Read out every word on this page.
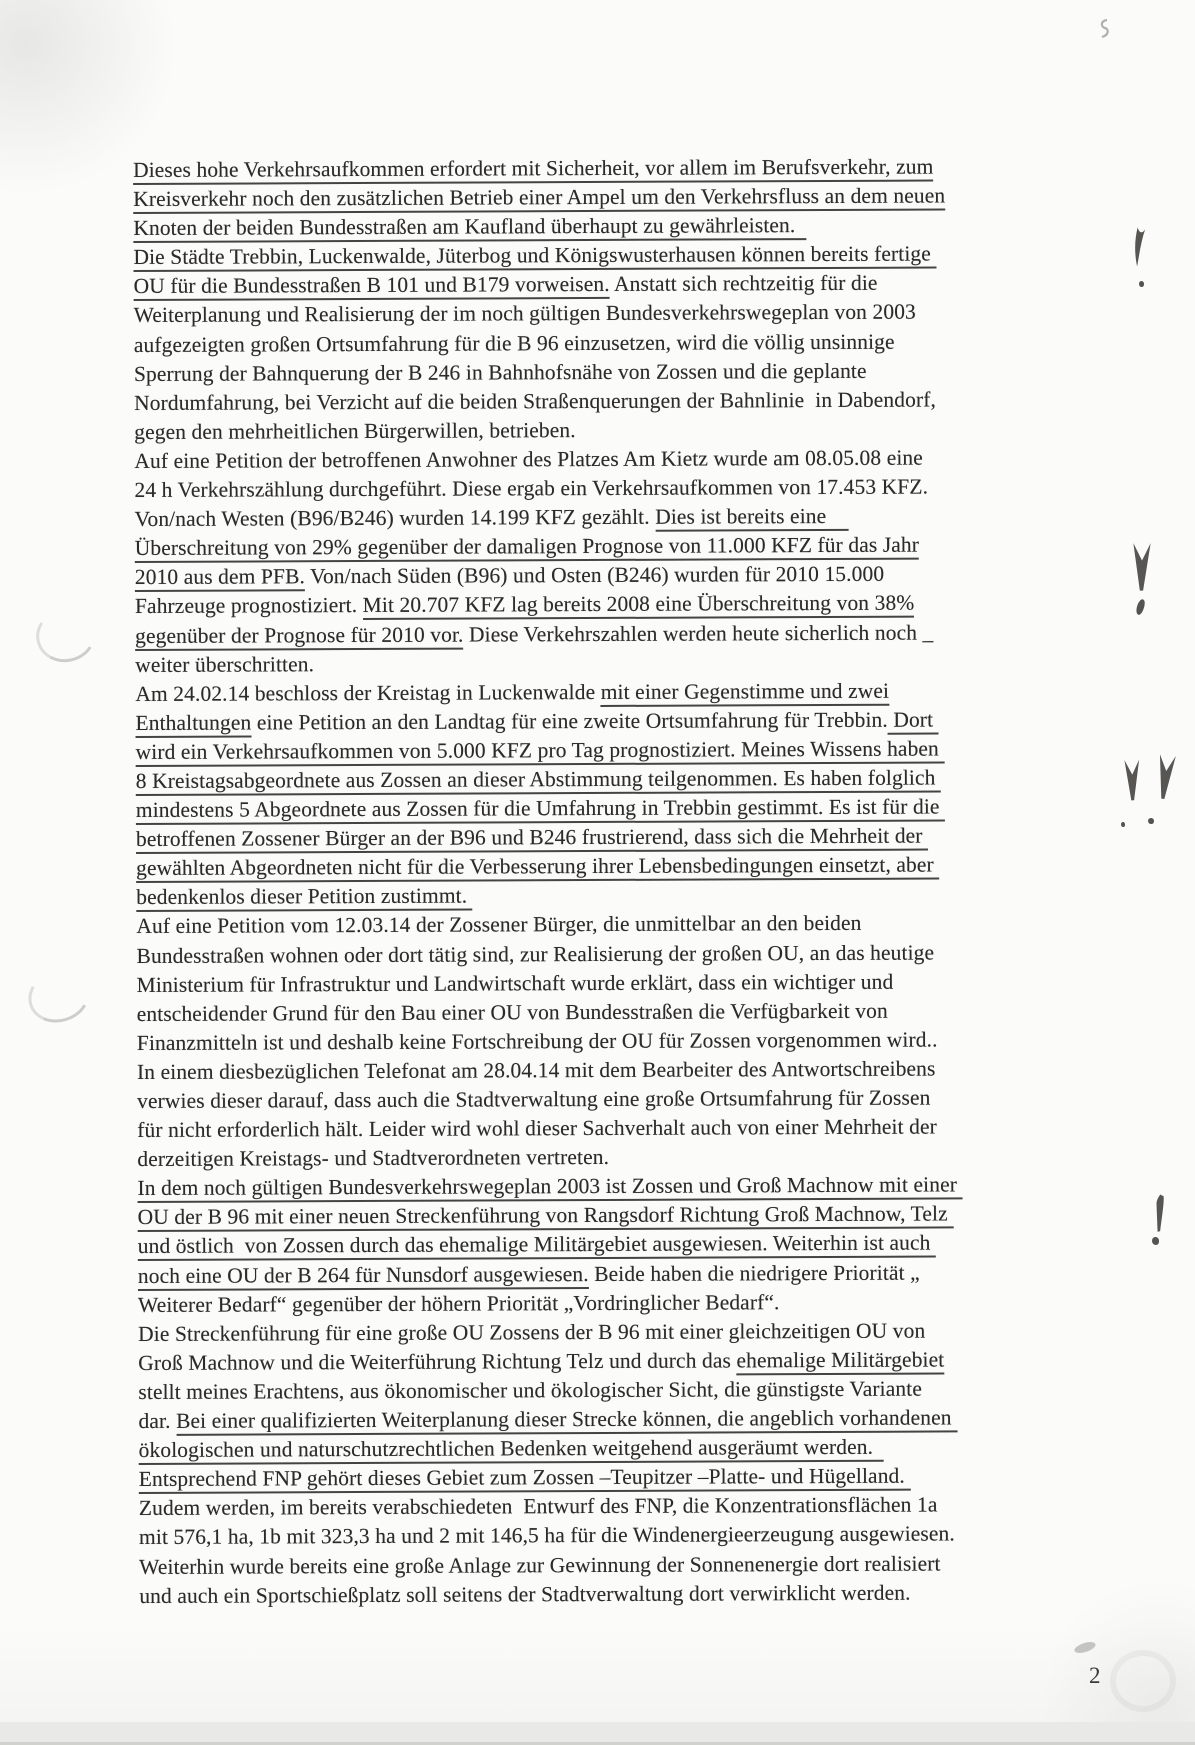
Dieses hohe Verkehrsaufkommen erfordert mit Sicherheit, vor allem im Berufsverkehr, zum
Kreisverkehr noch den zusätzlichen Betrieb einer Ampel um den Verkehrsfluss an dem neuen
Knoten der beiden Bundesstraßen am Kaufland überhaupt zu gewährleisten.
Die Städte Trebbin, Luckenwalde, Jüterbog und Königswusterhausen können bereits fertige
OU für die Bundesstraßen B 101 und B179 vorweisen. Anstatt sich rechtzeitig für die
Weiterplanung und Realisierung der im noch gültigen Bundesverkehrswegeplan von 2003
aufgezeigten großen Ortsumfahrung für die B 96 einzusetzen, wird die völlig unsinnige
Sperrung der Bahnquerung der B 246 in Bahnhofsnähe von Zossen und die geplante
Nordumfahrung, bei Verzicht auf die beiden Straßenquerungen der Bahnlinie  in Dabendorf,
gegen den mehrheitlichen Bürgerwillen, betrieben.
Auf eine Petition der betroffenen Anwohner des Platzes Am Kietz wurde am 08.05.08 eine
24 h Verkehrszählung durchgeführt. Diese ergab ein Verkehrsaufkommen von 17.453 KFZ.
Von/nach Westen (B96/B246) wurden 14.199 KFZ gezählt. Dies ist bereits eine
Überschreitung von 29% gegenüber der damaligen Prognose von 11.000 KFZ für das Jahr
2010 aus dem PFB. Von/nach Süden (B96) und Osten (B246) wurden für 2010 15.000
Fahrzeuge prognostiziert. Mit 20.707 KFZ lag bereits 2008 eine Überschreitung von 38%
gegenüber der Prognose für 2010 vor. Diese Verkehrszahlen werden heute sicherlich noch _
weiter überschritten.
Am 24.02.14 beschloss der Kreistag in Luckenwalde mit einer Gegenstimme und zwei
Enthaltungen eine Petition an den Landtag für eine zweite Ortsumfahrung für Trebbin. Dort
wird ein Verkehrsaufkommen von 5.000 KFZ pro Tag prognostiziert. Meines Wissens haben
8 Kreistagsabgeordnete aus Zossen an dieser Abstimmung teilgenommen. Es haben folglich
mindestens 5 Abgeordnete aus Zossen für die Umfahrung in Trebbin gestimmt. Es ist für die
betroffenen Zossener Bürger an der B96 und B246 frustrierend, dass sich die Mehrheit der
gewählten Abgeordneten nicht für die Verbesserung ihrer Lebensbedingungen einsetzt, aber
bedenkenlos dieser Petition zustimmt.
Auf eine Petition vom 12.03.14 der Zossener Bürger, die unmittelbar an den beiden
Bundesstraßen wohnen oder dort tätig sind, zur Realisierung der großen OU, an das heutige
Ministerium für Infrastruktur und Landwirtschaft wurde erklärt, dass ein wichtiger und
entscheidender Grund für den Bau einer OU von Bundesstraßen die Verfügbarkeit von
Finanzmitteln ist und deshalb keine Fortschreibung der OU für Zossen vorgenommen wird..
In einem diesbezüglichen Telefonat am 28.04.14 mit dem Bearbeiter des Antwortschreibens
verwies dieser darauf, dass auch die Stadtverwaltung eine große Ortsumfahrung für Zossen
für nicht erforderlich hält. Leider wird wohl dieser Sachverhalt auch von einer Mehrheit der
derzeitigen Kreistags- und Stadtverordneten vertreten.
In dem noch gültigen Bundesverkehrswegeplan 2003 ist Zossen und Groß Machnow mit einer
OU der B 96 mit einer neuen Streckenführung von Rangsdorf Richtung Groß Machnow, Telz
und östlich  von Zossen durch das ehemalige Militärgebiet ausgewiesen. Weiterhin ist auch
noch eine OU der B 264 für Nunsdorf ausgewiesen. Beide haben die niedrigere Priorität „
Weiterer Bedarf“ gegenüber der höhern Priorität „Vordringlicher Bedarf“.
Die Streckenführung für eine große OU Zossens der B 96 mit einer gleichzeitigen OU von
Groß Machnow und die Weiterführung Richtung Telz und durch das ehemalige Militärgebiet
stellt meines Erachtens, aus ökonomischer und ökologischer Sicht, die günstigste Variante
dar. Bei einer qualifizierten Weiterplanung dieser Strecke können, die angeblich vorhandenen
ökologischen und naturschutzrechtlichen Bedenken weitgehend ausgeräumt werden.
Entsprechend FNP gehört dieses Gebiet zum Zossen –Teupitzer –Platte- und Hügelland.
Zudem werden, im bereits verabschiedeten  Entwurf des FNP, die Konzentrationsflächen 1a
mit 576,1 ha, 1b mit 323,3 ha und 2 mit 146,5 ha für die Windenergieerzeugung ausgewiesen.
Weiterhin wurde bereits eine große Anlage zur Gewinnung der Sonnenenergie dort realisiert
und auch ein Sportschießplatz soll seitens der Stadtverwaltung dort verwirklicht werden.
2
